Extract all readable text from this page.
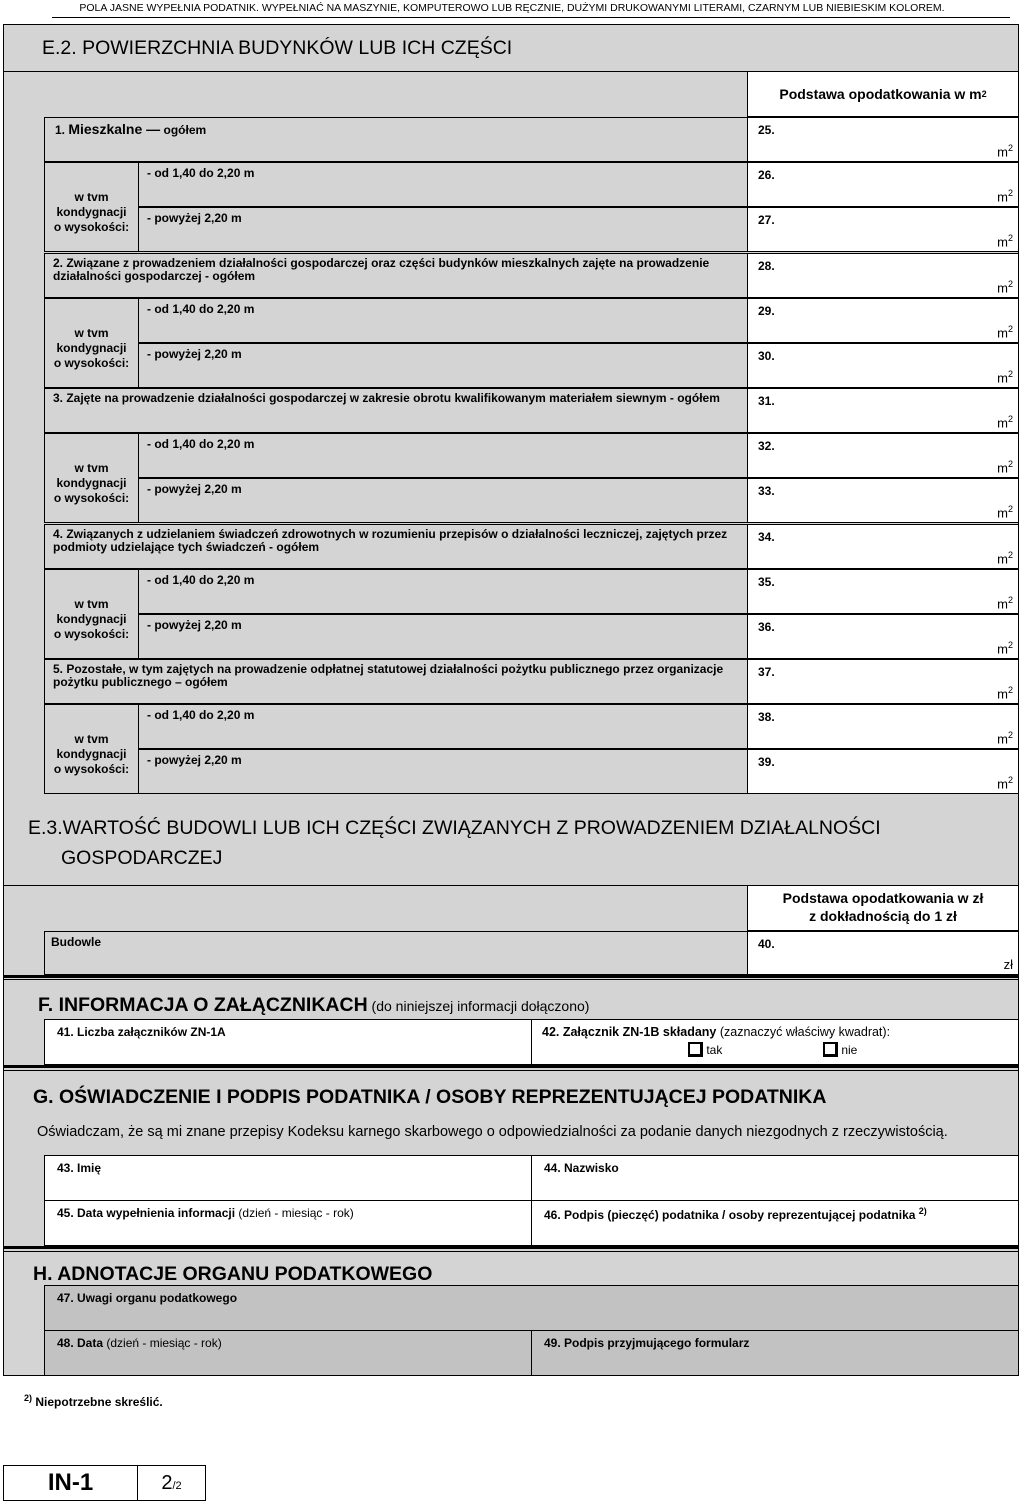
POLA JASNE WYPEŁNIA PODATNIK. WYPEŁNIAĆ NA MASZYNIE, KOMPUTEROWO LUB RĘCZNIE, DUŻYMI DRUKOWANYMI LITERAMI, CZARNYM LUB NIEBIESKIM KOLOREM.
E.2. POWIERZCHNIA BUDYNKÓW LUB ICH CZĘŚCI
Podstawa opodatkowania w m 2
1. Mieszkalne — ogółem	25.
$m^2$
w tvm
kondygnacji
o wysokości:
- od 1,40 do 2,20 m	26.
$m^2$
- powyżej 2,20 m	27.
$m^2$
2. Związane z prowadzeniem działalności gospodarczej oraz części budynków mieszkalnych zajęte na prowadzenie działalności gospodarczej - ogółem
28.
$m^2$
w tvm
kondygnacji
o wysokości:
- od 1,40 do 2,20 m	29.
$m^2$
- powyżej 2,20 m	30.
$m^2$
3. Zajęte na prowadzenie działalności gospodarczej w zakresie obrotu kwalifikowanym materiałem siewnym - ogółem	31.
$m^2$
w tvm
kondygnacji
o wysokości:
- od 1,40 do 2,20 m	32.
$m^2$
- powyżej 2,20 m	33.
$m^2$
4. Związanych z udzielaniem świadczeń zdrowotnych w rozumieniu przepisów o działalności leczniczej, zajętych przez podmioty udzielające tych świadczeń - ogółem
34.
$m^2$
w tvm
kondygnacji
o wysokości:
- od 1,40 do 2,20 m	35.
$m^2$
- powyżej 2,20 m	36.
$m^2$
5. Pozostałe, w tym zajętych na prowadzenie odpłatnej statutowej działalności pożytku publicznego przez organizacje pożytku publicznego – ogółem
37.
$m^2$
w tvm
kondygnacji
o wysokości:
- od 1,40 do 2,20 m	38.
$m^2$
- powyżej 2,20 m	39.
$m^2$
E.3.WARTOŚĆ BUDOWLI LUB ICH CZĘŚCI ZWIĄZANYCH Z PROWADZENIEM DZIAŁALNOŚCI
GOSPODARCZEJ
Podstawa opodatkowania w zł
z dokładnością do 1 zł
Budowle	40.
zł
F. INFORMACJA O ZAŁĄCZNIKACH (do niniejszej informacji dołączono)
41. Liczba załączników ZN-1A	42. Załącznik ZN-1B składany (zaznaczyć właściwy kwadrat):
tak	nie
G. OŚWIADCZENIE I PODPIS PODATNIKA / OSOBY REPREZENTUJĄCEJ PODATNIKA
Oświadczam, że są mi znane przepisy Kodeksu karnego skarbowego o odpowiedzialności za podanie danych niezgodnych z rzeczywistością.
43. Imię	44. Nazwisko
45. Data wypełnienia informacji (dzień - miesiąc - rok)	46. Podpis (pieczęć) podatnika / osoby reprezentującej podatnika $^{2)}$
H. ADNOTACJE ORGANU PODATKOWEGO
47. Uwagi organu podatkowego
48. Data (dzień - miesiąc - rok)	49. Podpis przyjmującego formularz
$^{2)}$ Niepotrzebne skreślić.
IN-1	2 /2
